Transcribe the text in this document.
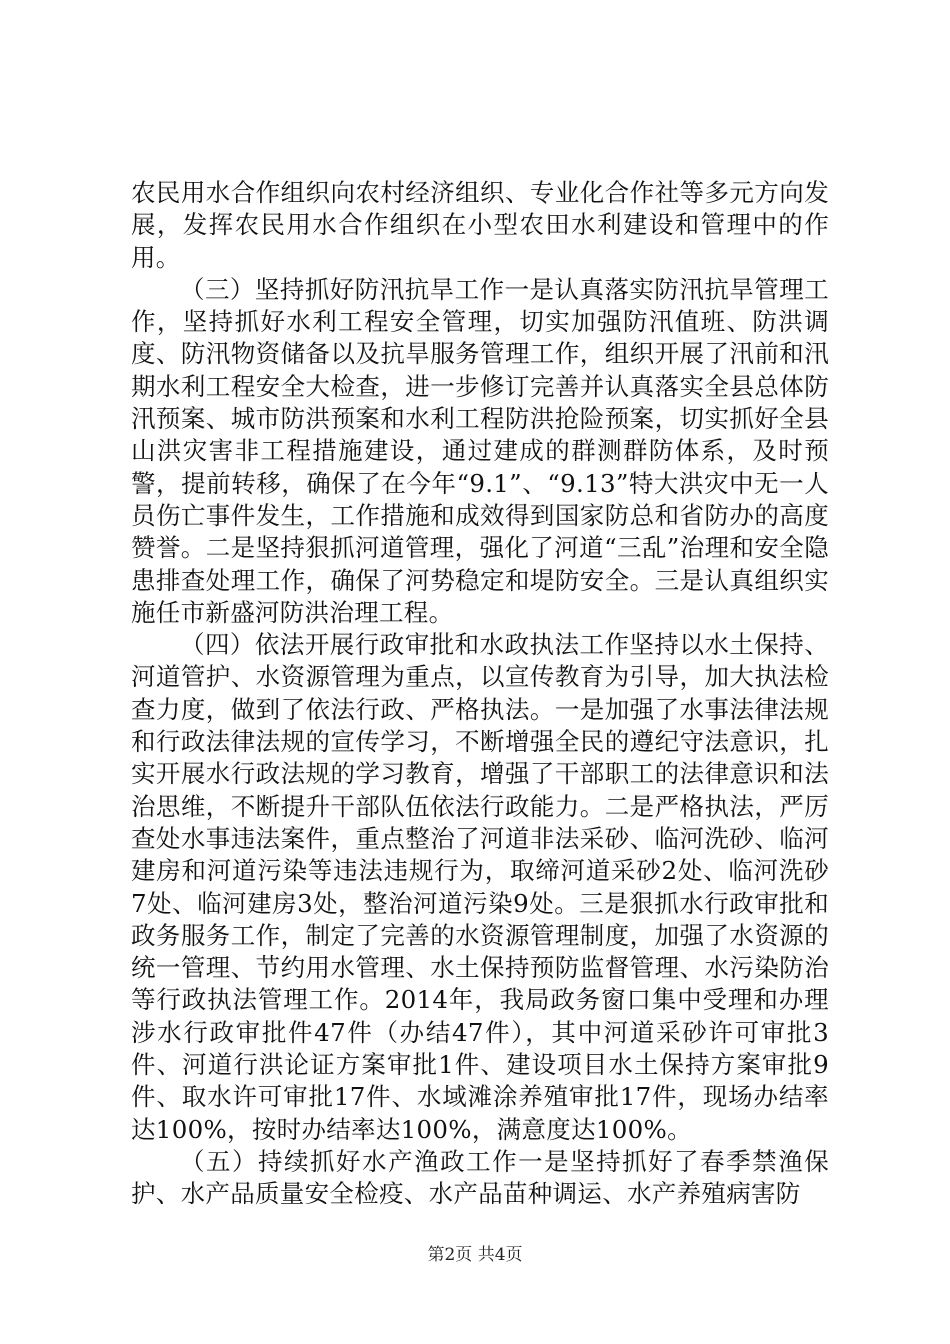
农民用水合作组织向农村经济组织、专业化合作社等多元方向发展，发挥农民用水合作组织在小型农田水利建设和管理中的作用。

（三）坚持抓好防汛抗旱工作一是认真落实防汛抗旱管理工作，坚持抓好水利工程安全管理，切实加强防汛值班、防洪调度、防汛物资储备以及抗旱服务管理工作，组织开展了汛前和汛期水利工程安全大检查，进一步修订完善并认真落实全县总体防汛预案、城市防洪预案和水利工程防洪抢险预案，切实抓好全县山洪灾害非工程措施建设，通过建成的群测群防体系，及时预警，提前转移，确保了在今年“9.1”、“9.13”特大洪灾中无一人员伤亡事件发生，工作措施和成效得到国家防总和省防办的高度赞誉。二是坚持狠抓河道管理，强化了河道“三乱”治理和安全隐患排查处理工作，确保了河势稳定和堤防安全。三是认真组织实施任市新盛河防洪治理工程。

（四）依法开展行政审批和水政执法工作坚持以水土保持、河道管护、水资源管理为重点，以宣传教育为引导，加大执法检查力度，做到了依法行政、严格执法。一是加强了水事法律法规和行政法律法规的宣传学习，不断增强全民的遵纪守法意识，扎实开展水行政法规的学习教育，增强了干部职工的法律意识和法治思维，不断提升干部队伍依法行政能力。二是严格执法，严厉查处水事违法案件，重点整治了河道非法采砂、临河洗砂、临河建房和河道污染等违法违规行为，取缔河道采砂2处、临河洗砂7处、临河建房3处，整治河道污染9处。三是狠抓水行政审批和政务服务工作，制定了完善的水资源管理制度，加强了水资源的统一管理、节约用水管理、水土保持预防监督管理、水污染防治等行政执法管理工作。2014年，我局政务窗口集中受理和办理涉水行政审批件47件（办结47件），其中河道采砂许可审批3件、河道行洪论证方案审批1件、建设项目水土保持方案审批9件、取水许可审批17件、水域滩涂养殖审批17件，现场办结率达100%，按时办结率达100%，满意度达100%。

（五）持续抓好水产渔政工作一是坚持抓好了春季禁渔保护、水产品质量安全检疫、水产品苗种调运、水产养殖病害防

第2页 共4页
